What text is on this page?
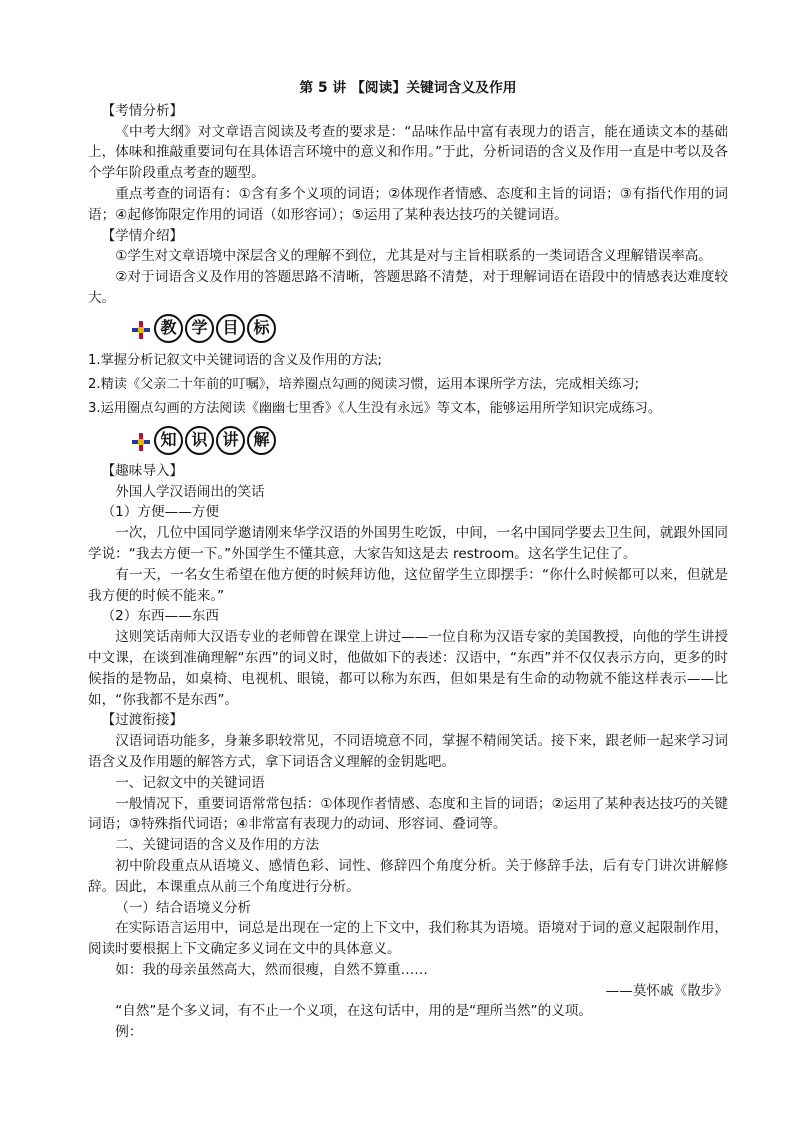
第 5 讲 【阅读】关键词含义及作用

【考情分析】

《中考大纲》对文章语言阅读及考查的要求是：“品味作品中富有表现力的语言，能在通读文本的基础上，体味和推敲重要词句在具体语言环境中的意义和作用。”于此，分析词语的含义及作用一直是中考以及各个学年阶段重点考查的题型。

重点考查的词语有：①含有多个义项的词语；②体现作者情感、态度和主旨的词语；③有指代作用的词语；④起修饰限定作用的词语（如形容词）；⑤运用了某种表达技巧的关键词语。

【学情介绍】

①学生对文章语境中深层含义的理解不到位，尤其是对与主旨相联系的一类词语含义理解错误率高。

②对于词语含义及作用的答题思路不清晰，答题思路不清楚，对于理解词语在语段中的情感表达难度较大。

教 学 目 标

1.掌握分析记叙文中关键词语的含义及作用的方法;

2.精读《父亲二十年前的叮嘱》，培养圈点勾画的阅读习惯，运用本课所学方法，完成相关练习;

3.运用圈点勾画的方法阅读《幽幽七里香》《人生没有永远》等文本，能够运用所学知识完成练习。

知 识 讲 解

【趣味导入】

外国人学汉语闹出的笑话

（1）方便——方便

一次，几位中国同学邀请刚来华学汉语的外国男生吃饭，中间，一名中国同学要去卫生间，就跟外国同学说：“我去方便一下。”外国学生不懂其意，大家告知这是去 restroom。这名学生记住了。

有一天，一名女生希望在他方便的时候拜访他，这位留学生立即摆手：“你什么时候都可以来，但就是我方便的时候不能来。”

（2）东西——东西

这则笑话南师大汉语专业的老师曾在课堂上讲过——一位自称为汉语专家的美国教授，向他的学生讲授中文课，在谈到准确理解“东西”的词义时，他做如下的表述：汉语中，“东西”并不仅仅表示方向，更多的时候指的是物品，如桌椅、电视机、眼镜，都可以称为东西，但如果是有生命的动物就不能这样表示——比如，“你我都不是东西”。

【过渡衔接】

汉语词语功能多，身兼多职较常见，不同语境意不同，掌握不精闹笑话。接下来，跟老师一起来学习词语含义及作用题的解答方式，拿下词语含义理解的金钥匙吧。

一、记叙文中的关键词语

一般情况下，重要词语常常包括：①体现作者情感、态度和主旨的词语；②运用了某种表达技巧的关键词语；③特殊指代词语；④非常富有表现力的动词、形容词、叠词等。

二、关键词语的含义及作用的方法

初中阶段重点从语境义、感情色彩、词性、修辞四个角度分析。关于修辞手法，后有专门讲次讲解修辞。因此，本课重点从前三个角度进行分析。

（一）结合语境义分析

在实际语言运用中，词总是出现在一定的上下文中，我们称其为语境。语境对于词的意义起限制作用，阅读时要根据上下文确定多义词在文中的具体意义。

如：我的母亲虽然高大，然而很瘦，自然不算重……

——莫怀戚《散步》

“自然”是个多义词，有不止一个义项，在这句话中，用的是“理所当然”的义项。

例：
